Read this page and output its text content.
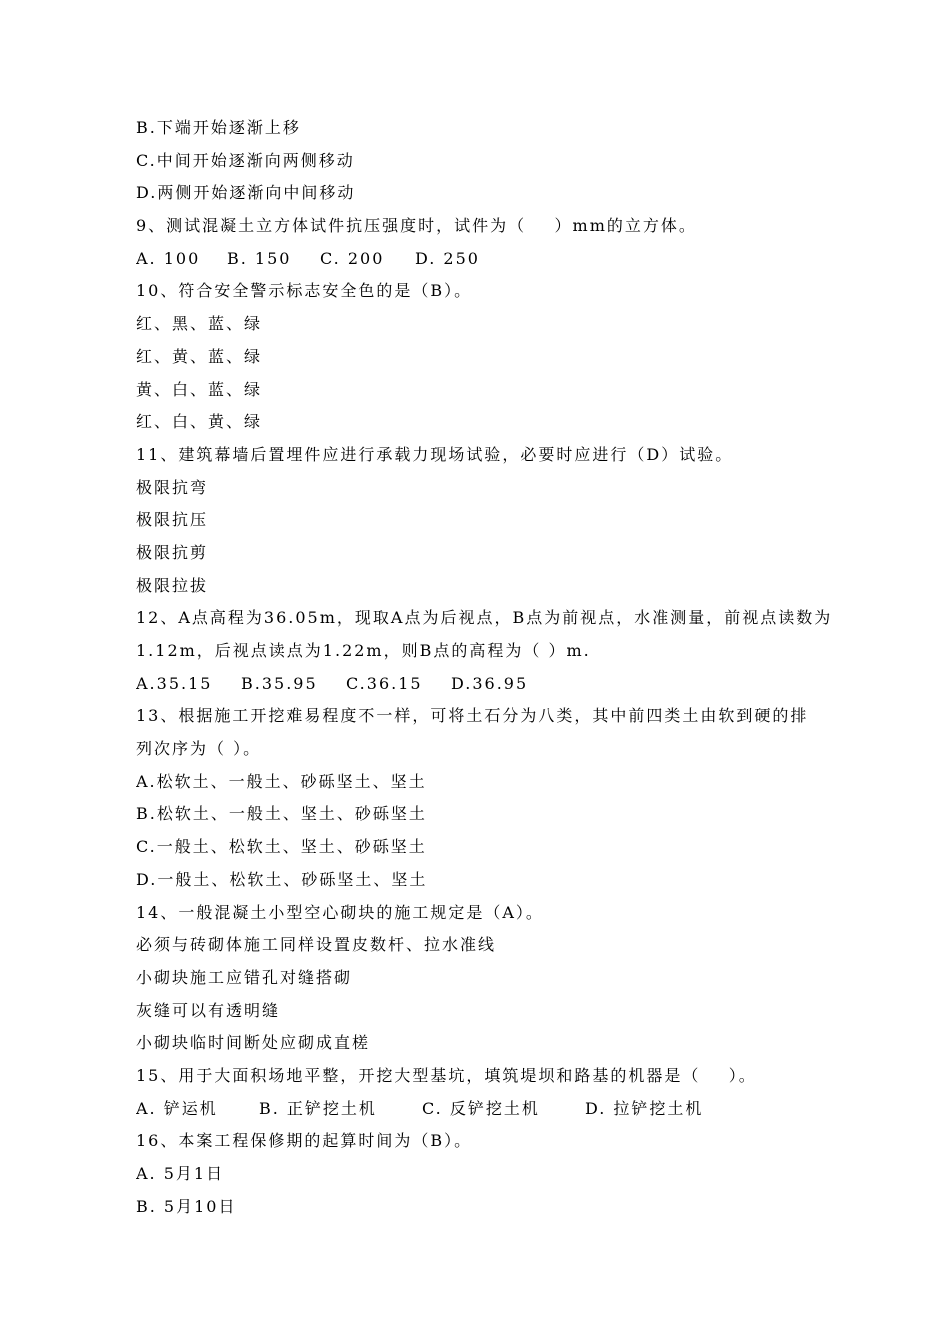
B.下端开始逐渐上移
C.中间开始逐渐向两侧移动
D.两侧开始逐渐向中间移动
9、测试混凝土立方体试件抗压强度时，试件为（    ）mm的立方体。
A. 100	B. 150	C. 200	D. 250
10、符合安全警示标志安全色的是（B）。
红、黑、蓝、绿
红、黄、蓝、绿
黄、白、蓝、绿
红、白、黄、绿
11、建筑幕墙后置埋件应进行承载力现场试验，必要时应进行（D）试验。
极限抗弯
极限抗压
极限抗剪
极限拉拔
12、A点高程为36.05m，现取A点为后视点，B点为前视点，水准测量，前视点读数为
1.12m，后视点读点为1.22m，则B点的高程为（ ）m.
A.35.15	B.35.95	C.36.15	D.36.95
13、根据施工开挖难易程度不一样，可将土石分为八类，其中前四类土由软到硬的排
列次序为（ ）。
A.松软土、一般土、砂砾坚土、坚土
B.松软土、一般土、坚土、砂砾坚土
C.一般土、松软土、坚土、砂砾坚土
D.一般土、松软土、砂砾坚土、坚土
14、一般混凝土小型空心砌块的施工规定是（A）。
必须与砖砌体施工同样设置皮数杆、拉水准线
小砌块施工应错孔对缝搭砌
灰缝可以有透明缝
小砌块临时间断处应砌成直槎
15、用于大面积场地平整，开挖大型基坑，填筑堤坝和路基的机器是（    ）。
A. 铲运机	B. 正铲挖土机	C. 反铲挖土机	D. 拉铲挖土机
16、本案工程保修期的起算时间为（B）。
A. 5月1日
B. 5月10日
